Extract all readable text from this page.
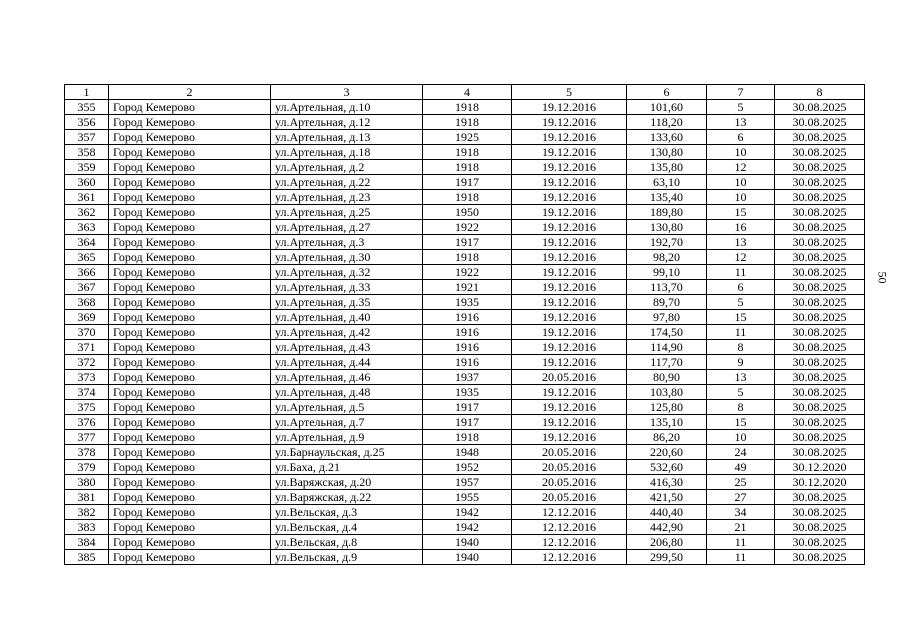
1	2	3	4	5	6	7	8
355	Город Кемерово	ул.Артельная, д.10	1918	19.12.2016	101,60	5	30.08.2025
356	Город Кемерово	ул.Артельная, д.12	1918	19.12.2016	118,20	13	30.08.2025
357	Город Кемерово	ул.Артельная, д.13	1925	19.12.2016	133,60	6	30.08.2025
358	Город Кемерово	ул.Артельная, д.18	1918	19.12.2016	130,80	10	30.08.2025
359	Город Кемерово	ул.Артельная, д.2	1918	19.12.2016	135,80	12	30.08.2025
360	Город Кемерово	ул.Артельная, д.22	1917	19.12.2016	63,10	10	30.08.2025
361	Город Кемерово	ул.Артельная, д.23	1918	19.12.2016	135,40	10	30.08.2025
362	Город Кемерово	ул.Артельная, д.25	1950	19.12.2016	189,80	15	30.08.2025
363	Город Кемерово	ул.Артельная, д.27	1922	19.12.2016	130,80	16	30.08.2025
364	Город Кемерово	ул.Артельная, д.3	1917	19.12.2016	192,70	13	30.08.2025
365	Город Кемерово	ул.Артельная, д.30	1918	19.12.2016	98,20	12	30.08.2025
366	Город Кемерово	ул.Артельная, д.32	1922	19.12.2016	99,10	11	30.08.2025
367	Город Кемерово	ул.Артельная, д.33	1921	19.12.2016	113,70	6	30.08.2025
368	Город Кемерово	ул.Артельная, д.35	1935	19.12.2016	89,70	5	30.08.2025
369	Город Кемерово	ул.Артельная, д.40	1916	19.12.2016	97,80	15	30.08.2025
370	Город Кемерово	ул.Артельная, д.42	1916	19.12.2016	174,50	11	30.08.2025
371	Город Кемерово	ул.Артельная, д.43	1916	19.12.2016	114,90	8	30.08.2025
372	Город Кемерово	ул.Артельная, д.44	1916	19.12.2016	117,70	9	30.08.2025
373	Город Кемерово	ул.Артельная, д.46	1937	20.05.2016	80,90	13	30.08.2025
374	Город Кемерово	ул.Артельная, д.48	1935	19.12.2016	103,80	5	30.08.2025
375	Город Кемерово	ул.Артельная, д.5	1917	19.12.2016	125,80	8	30.08.2025
376	Город Кемерово	ул.Артельная, д.7	1917	19.12.2016	135,10	15	30.08.2025
377	Город Кемерово	ул.Артельная, д.9	1918	19.12.2016	86,20	10	30.08.2025
378	Город Кемерово	ул.Барнаульская, д.25	1948	20.05.2016	220,60	24	30.08.2025
379	Город Кемерово	ул.Баха, д.21	1952	20.05.2016	532,60	49	30.12.2020
380	Город Кемерово	ул.Варяжская, д.20	1957	20.05.2016	416,30	25	30.12.2020
381	Город Кемерово	ул.Варяжская, д.22	1955	20.05.2016	421,50	27	30.08.2025
382	Город Кемерово	ул.Вельская, д.3	1942	12.12.2016	440,40	34	30.08.2025
383	Город Кемерово	ул.Вельская, д.4	1942	12.12.2016	442,90	21	30.08.2025
384	Город Кемерово	ул.Вельская, д.8	1940	12.12.2016	206,80	11	30.08.2025
385	Город Кемерово	ул.Вельская, д.9	1940	12.12.2016	299,50	11	30.08.2025
50
